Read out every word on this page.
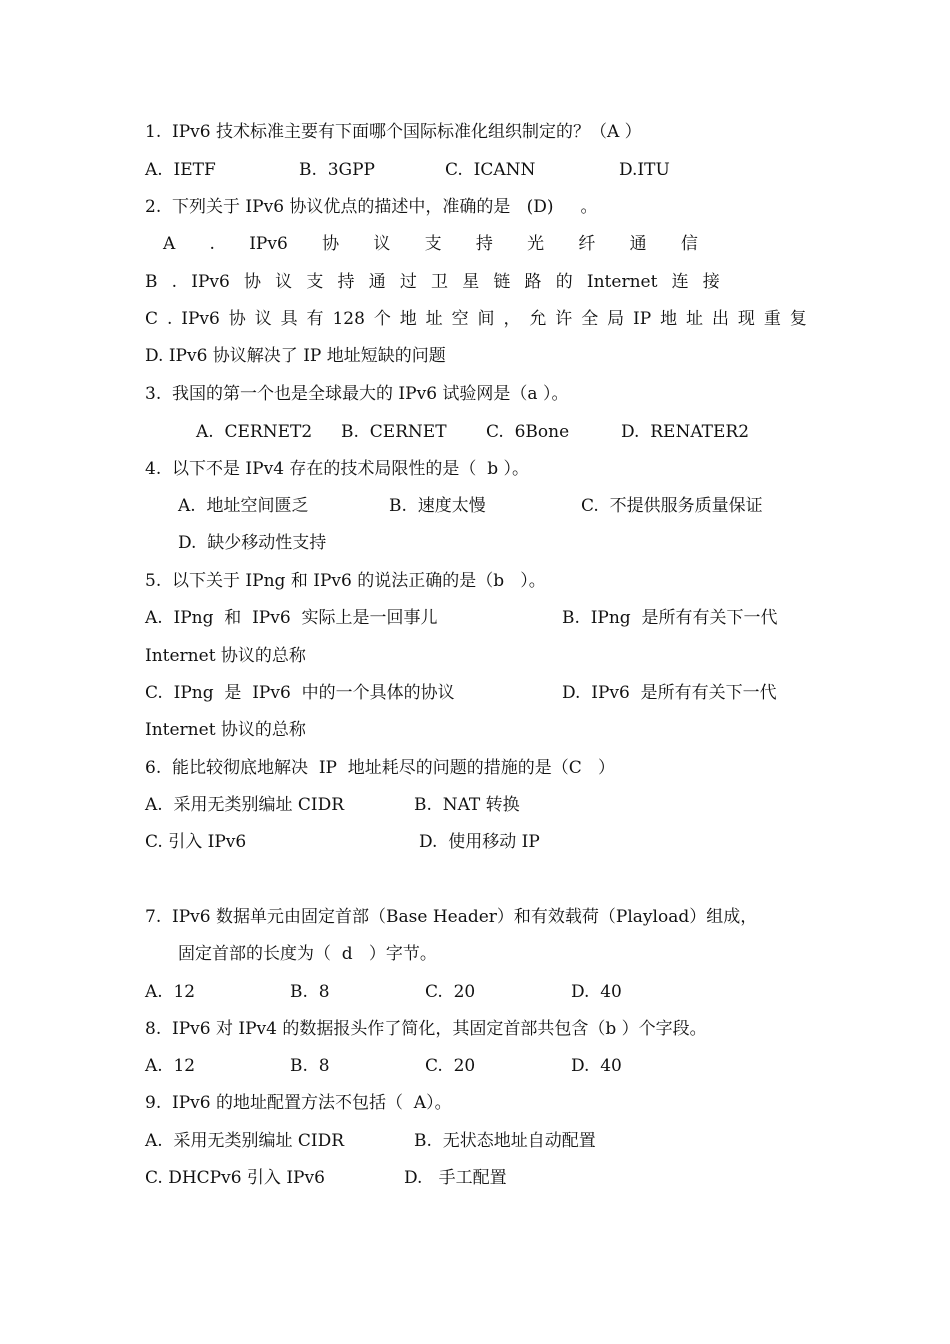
1.  IPv6 技术标准主要有下面哪个国际标准化组织制定的？（A ）
A.  IETF	B.  3GPP	C.  ICANN	D.ITU
2.  下列关于 IPv6 协议优点的描述中，准确的是   (D)     。
A . IPv6 协 议 支 持 光 纤 通 信
B . IPv6 协 议 支 持 通 过 卫 星 链 路 的 Internet 连 接
C . IPv6 协 议 具 有 128 个 地 址 空 间 ， 允 许 全 局 IP 地 址 出 现 重 复
D. IPv6 协议解决了 IP 地址短缺的问题
3.  我国的第一个也是全球最大的 IPv6 试验网是（a ）。
A.  CERNET2 B.  CERNET C.  6Bone	D.  RENATER2
4.  以下不是 IPv4 存在的技术局限性的是（  b ）。
A.  地址空间匮乏	B.  速度太慢	C.  不提供服务质量保证
D.  缺少移动性支持
5.  以下关于 IPng 和 IPv6 的说法正确的是（b   ）。
A.  IPng  和  IPv6  实际上是一回事儿	B.  IPng  是所有有关下一代
Internet 协议的总称
C.  IPng  是  IPv6  中的一个具体的协议	D.  IPv6  是所有有关下一代
Internet 协议的总称
6.  能比较彻底地解决  IP  地址耗尽的问题的措施的是（C   ）
A.  采用无类别编址 CIDR	B.  NAT 转换
C. 引入 IPv6	D.  使用移动 IP
7.  IPv6 数据单元由固定首部（Base Header）和有效载荷（Playload）组成，
固定首部的长度为（  d   ）字节。
A.  12	B.  8	C.  20	D.  40
8.  IPv6 对 IPv4 的数据报头作了简化，其固定首部共包含（b ）个字段。
A.  12	B.  8	C.  20	D.  40
9.  IPv6 的地址配置方法不包括（  A）。
A.  采用无类别编址 CIDR	B.  无状态地址自动配置
C. DHCPv6 引入 IPv6	D.   手工配置
